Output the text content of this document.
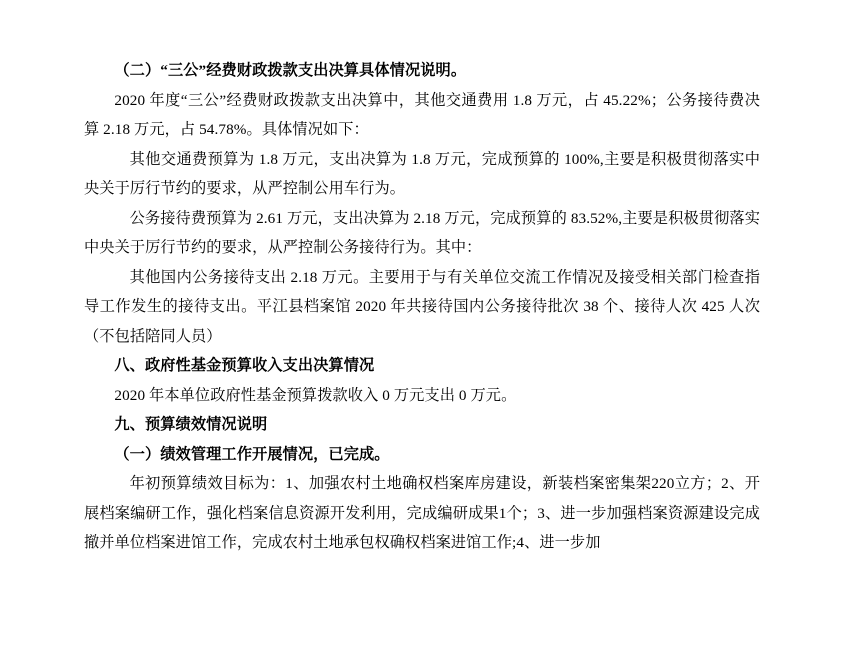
（二）“三公”经费财政拨款支出决算具体情况说明。

2020 年度“三公”经费财政拨款支出决算中，其他交通费用 1.8 万元，占 45.22%；公务接待费决算 2.18 万元，占 54.78%。具体情况如下：

其他交通费预算为 1.8 万元，支出决算为 1.8 万元，完成预算的 100%,主要是积极贯彻落实中央关于厉行节约的要求，从严控制公用车行为。

公务接待费预算为 2.61 万元，支出决算为 2.18 万元，完成预算的 83.52%,主要是积极贯彻落实中央关于厉行节约的要求，从严控制公务接待行为。其中：

其他国内公务接待支出 2.18 万元。主要用于与有关单位交流工作情况及接受相关部门检查指导工作发生的接待支出。平江县档案馆 2020 年共接待国内公务接待批次 38 个、接待人次 425 人次（不包括陪同人员）

八、政府性基金预算收入支出决算情况

2020 年本单位政府性基金预算拨款收入 0 万元支出 0 万元。

九、预算绩效情况说明

（一）绩效管理工作开展情况，已完成。

年初预算绩效目标为：1、加强农村土地确权档案库房建设，新装档案密集架220立方；2、开展档案编研工作，强化档案信息资源开发利用，完成编研成果1个；3、进一步加强档案资源建设完成撤并单位档案进馆工作，完成农村土地承包权确权档案进馆工作;4、进一步加
